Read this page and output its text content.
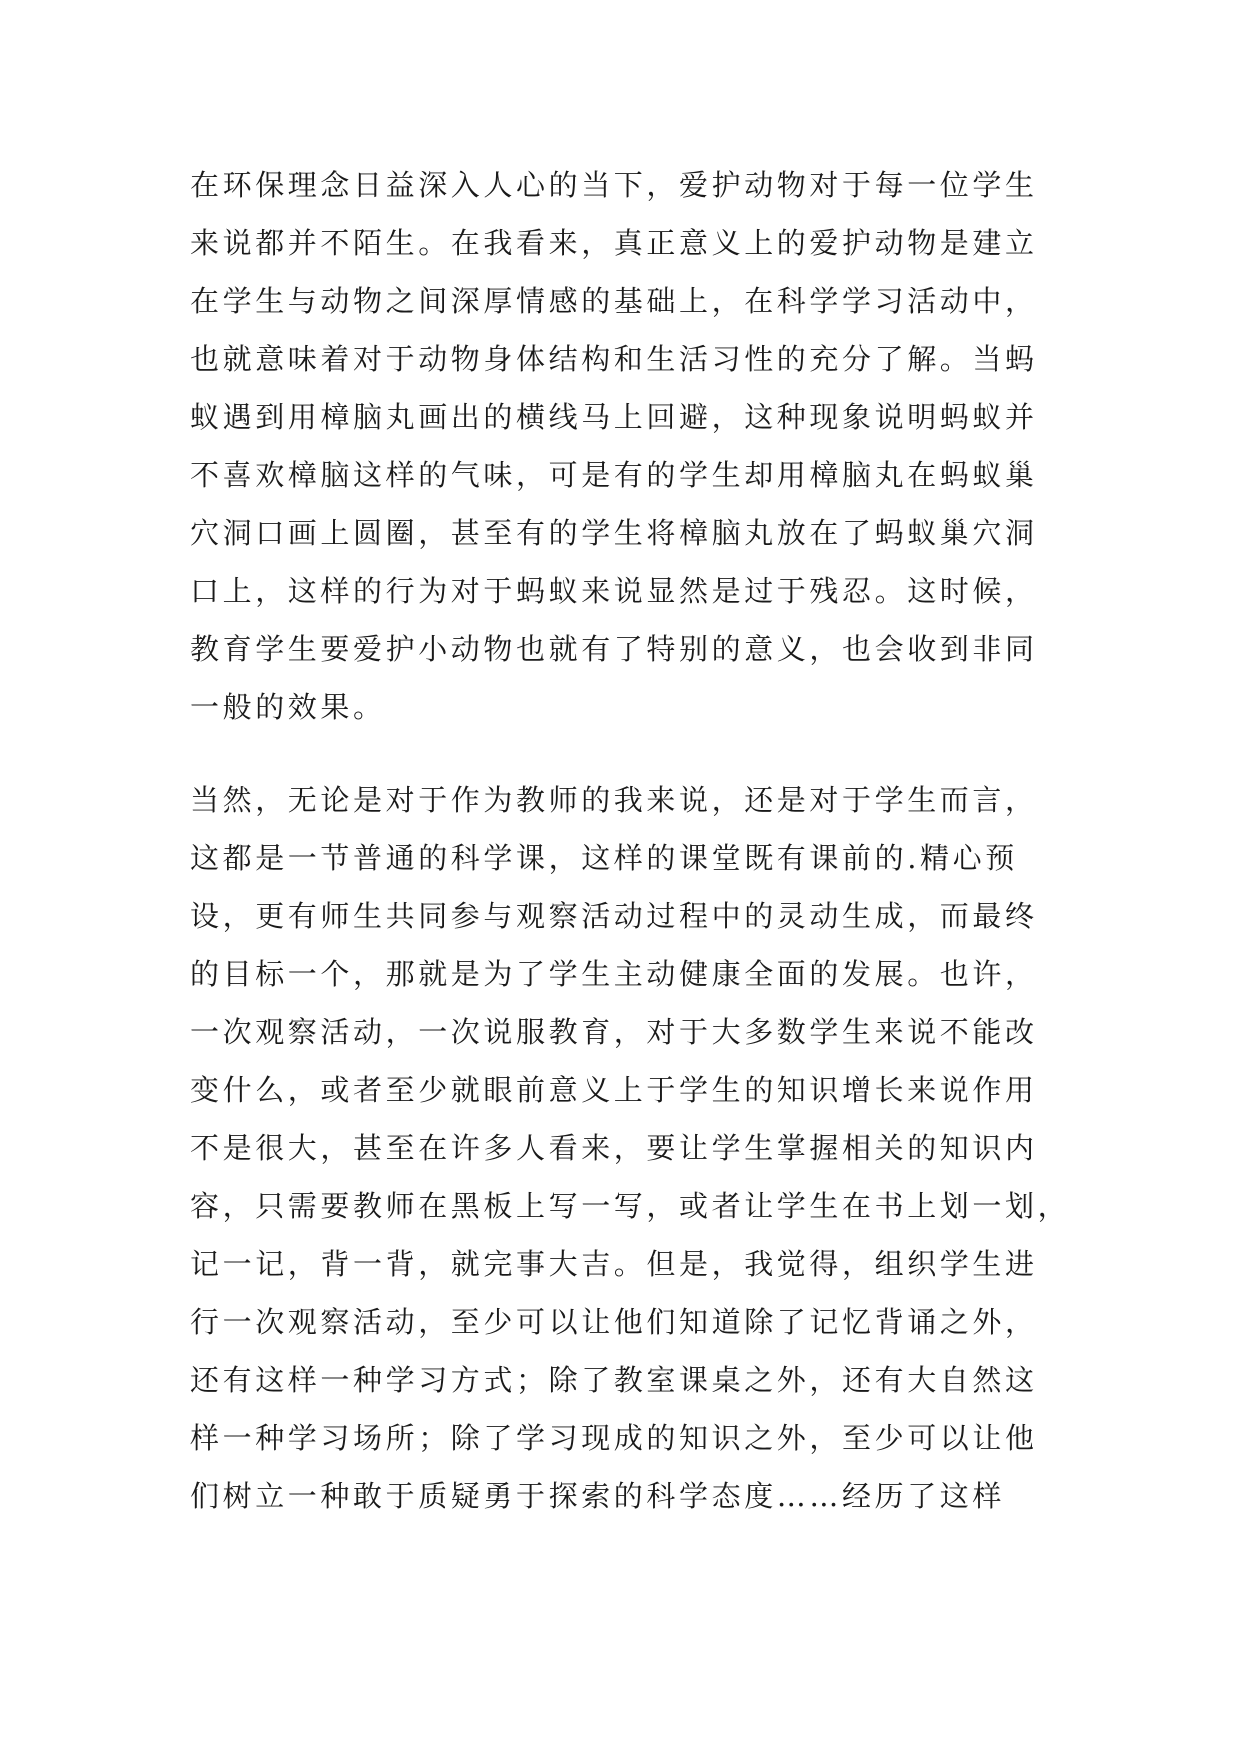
在环保理念日益深入人心的当下，爱护动物对于每一位学生
来说都并不陌生。在我看来，真正意义上的爱护动物是建立
在学生与动物之间深厚情感的基础上，在科学学习活动中，
也就意味着对于动物身体结构和生活习性的充分了解。当蚂
蚁遇到用樟脑丸画出的横线马上回避，这种现象说明蚂蚁并
不喜欢樟脑这样的气味，可是有的学生却用樟脑丸在蚂蚁巢
穴洞口画上圆圈，甚至有的学生将樟脑丸放在了蚂蚁巢穴洞
口上，这样的行为对于蚂蚁来说显然是过于残忍。这时候，
教育学生要爱护小动物也就有了特别的意义，也会收到非同
一般的效果。
当然，无论是对于作为教师的我来说，还是对于学生而言，
这都是一节普通的科学课，这样的课堂既有课前的.精心预
设，更有师生共同参与观察活动过程中的灵动生成，而最终
的目标一个，那就是为了学生主动健康全面的发展。也许，
一次观察活动，一次说服教育，对于大多数学生来说不能改
变什么，或者至少就眼前意义上于学生的知识增长来说作用
不是很大，甚至在许多人看来，要让学生掌握相关的知识内
容，只需要教师在黑板上写一写，或者让学生在书上划一划，
记一记，背一背，就完事大吉。但是，我觉得，组织学生进
行一次观察活动，至少可以让他们知道除了记忆背诵之外，
还有这样一种学习方式；除了教室课桌之外，还有大自然这
样一种学习场所；除了学习现成的知识之外，至少可以让他
们树立一种敢于质疑勇于探索的科学态度……经历了这样
